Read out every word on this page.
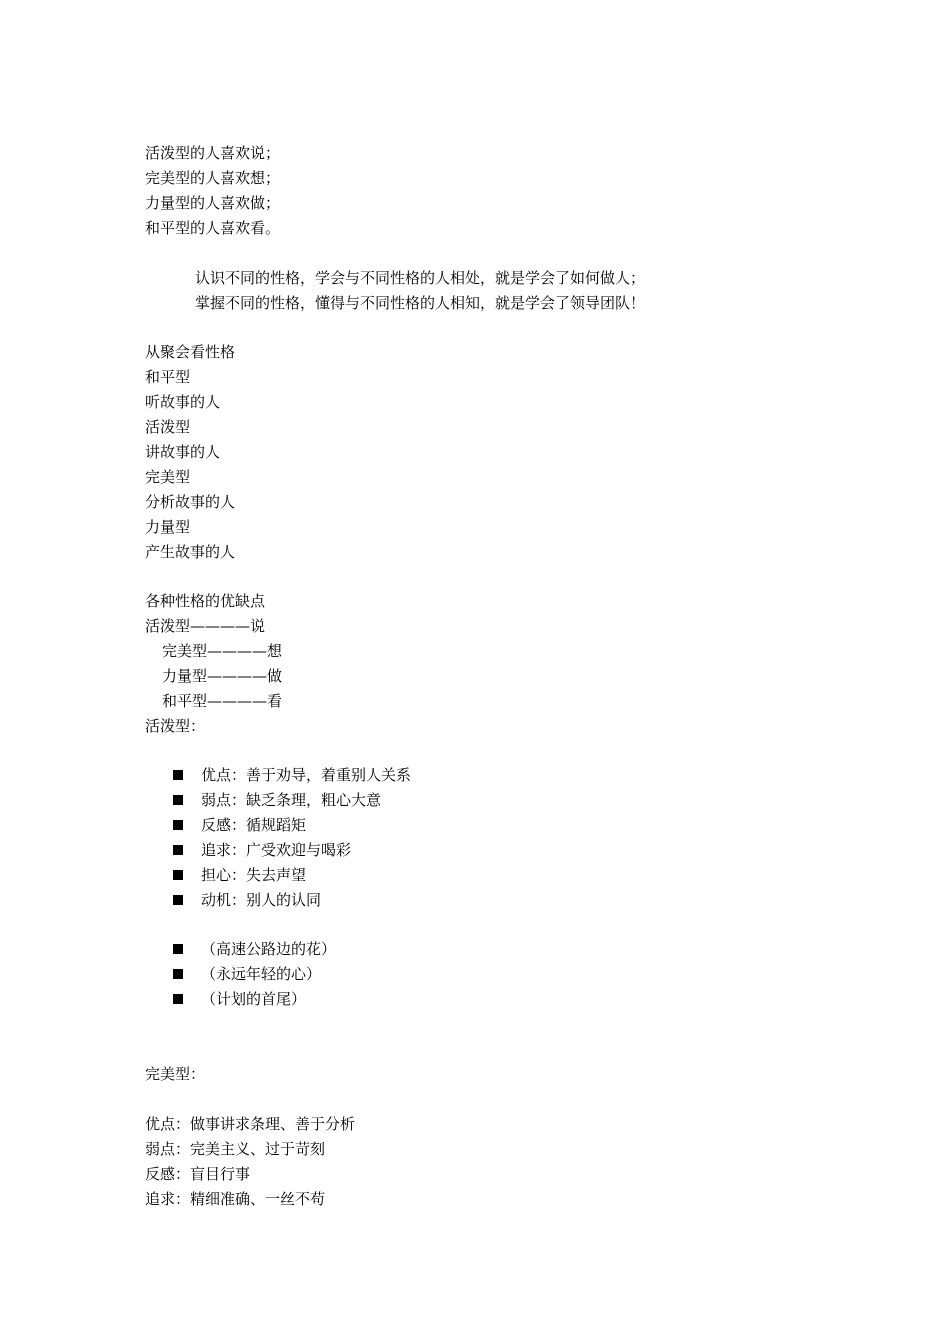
活泼型的人喜欢说；
完美型的人喜欢想；
力量型的人喜欢做；
和平型的人喜欢看。
认识不同的性格，学会与不同性格的人相处，就是学会了如何做人；
掌握不同的性格，懂得与不同性格的人相知，就是学会了领导团队！
从聚会看性格
和平型
听故事的人
活泼型
讲故事的人
完美型
分析故事的人
力量型
产生故事的人
各种性格的优缺点
活泼型————说
完美型————想
力量型————做
和平型————看
活泼型：
优点：善于劝导，着重别人关系
弱点：缺乏条理，粗心大意
反感：循规蹈矩
追求：广受欢迎与喝彩
担心：失去声望
动机：别人的认同
（高速公路边的花）
（永远年轻的心）
（计划的首尾）
完美型：
优点：做事讲求条理、善于分析
弱点：完美主义、过于苛刻
反感：盲目行事
追求：精细准确、一丝不苟
